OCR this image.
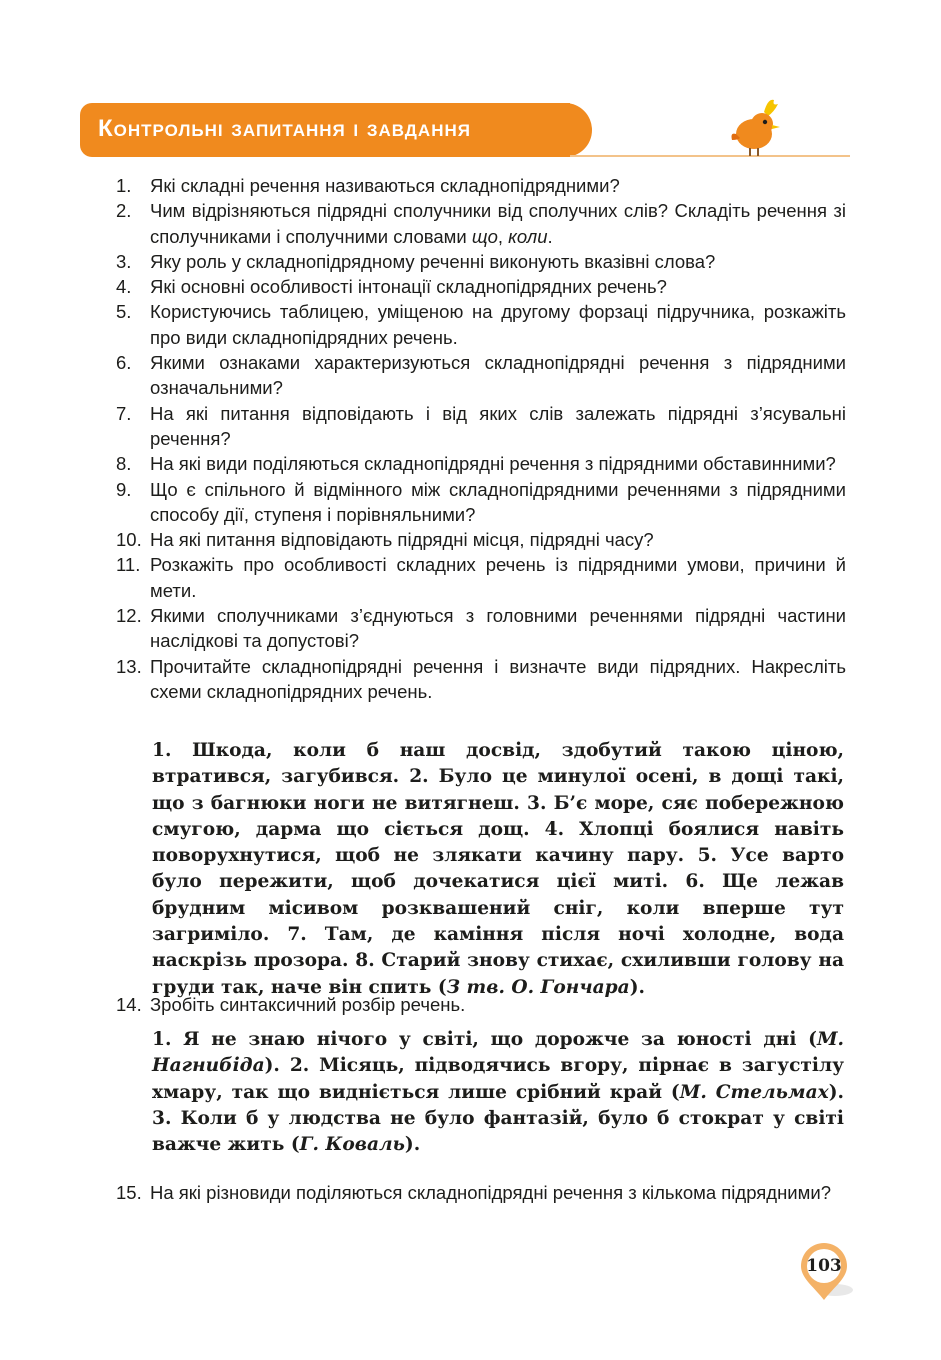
Контрольні запитання і завдання
1.	Які складні речення називаються складнопідрядними?
2.	Чим відрізняються підрядні сполучники від сполучних слів? Складіть речення зі сполучниками і сполучними словами що, коли.
3.	Яку роль у складнопідрядному реченні виконують вказівні слова?
4.	Які основні особливості інтонації складнопідрядних речень?
5.	Користуючись таблицею, уміщеною на другому форзаці підручника, розкажіть про види складнопідрядних речень.
6.	Якими ознаками характеризуються складнопідрядні речення з підрядними означальними?
7.	На які питання відповідають і від яких слів залежать підрядні з’ясувальні речення?
8.	На які види поділяються складнопідрядні речення з підрядними обставинними?
9.	Що є спільного й відмінного між складнопідрядними реченнями з підрядними способу дії, ступеня і порівняльними?
10. На які питання відповідають підрядні місця, підрядні часу?
11. Розкажіть про особливості складних речень із підрядними умови, причини й мети.
12. Якими сполучниками з’єднуються з головними реченнями підрядні частини наслідкові та допустові?
13. Прочитайте складнопідрядні речення і визначте види підрядних. Накресліть схеми складнопідрядних речень.

1. Шкода, коли б наш досвід, здобутий такою ціною, втратився, загубився. 2. Було це минулої осені, в дощі такі, що з багнюки ноги не витягнеш. 3. Б’є море, сяє побережною смугою, дарма що сіється дощ. 4. Хлопці боялися навіть поворухнутися, щоб не злякати качину пару. 5. Усе варто було пережити, щоб дочекатися цієї миті. 6. Ще лежав брудним місивом розквашений сніг, коли вперше тут загриміло. 7. Там, де каміння після ночі холодне, вода наскрізь прозора. 8. Старий знову стихає, схиливши голову на груди так, наче він спить (З тв. О. Гончара).

14. Зробіть синтаксичний розбір речень.

1. Я не знаю нічого у світі, що дорожче за юності дні (М. Нагнибіда). 2. Місяць, підводячись вгору, пірнає в загустілу хмару, так що видніється лише срібний край (М. Стельмах). 3. Коли б у людства не було фантазій, було б стократ у світі важче жить (Г. Коваль).

15. На які різновиди поділяються складнопідрядні речення з кількома підрядними?
103
